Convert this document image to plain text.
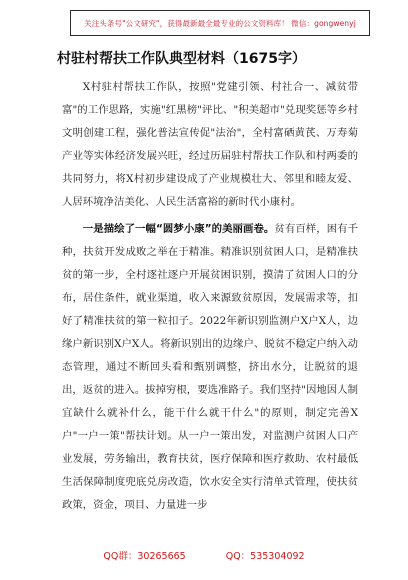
关注头条号"公文研究"，获得最新最全最专业的公文资料库！ 微信：gongwenyj
村驻村帮扶工作队典型材料（1675字）

X村驻村帮扶工作队，按照"党建引领、村社合一、减贫带富"的工作思路，实施"红黑榜"评比、"积美超市"兑现奖惩等乡村文明创建工程，强化普法宣传促"法治"，全村富硒黄芪、万寿菊产业等实体经济发展兴旺，经过历届驻村帮扶工作队和村两委的共同努力，将X村初步建设成了产业规模壮大、邻里和睦友爱、人居环境净洁美化、人民生活富裕的新时代小康村。

一是描绘了一幅“圆梦小康”的美丽画卷。贫有百样，困有千种，扶贫开发成败之举在于精准。精准识别贫困人口，是精准扶贫的第一步，全村逐社逐户开展贫困识别，摸清了贫困人口的分布，居住条件，就业渠道，收入来源致贫原因，发展需求等，扣好了精准扶贫的第一粒扣子。2022年新识别监测户X户X人，边缘户新识别X户X人。将新识别出的边缘户、脱贫不稳定户纳入动态管理，通过不断回头看和甄别调整，挤出水分，让脱贫的退出，返贫的进入。拔掉穷根，要选准路子。我们坚持"因地因人制宜缺什么就补什么，能干什么就干什么"的原则，制定完善X户"一户一策"帮扶计划。从一户一策出发，对监测户贫困人口产业发展，劳务输出，教育扶贫，医疗保障和医疗救助、农村最低生活保障制度兜底兑房改造，饮水安全实行清单式管理，使扶贫政策，资金，项目、力量进一步

QQ群：30265665	QQ：535304092
